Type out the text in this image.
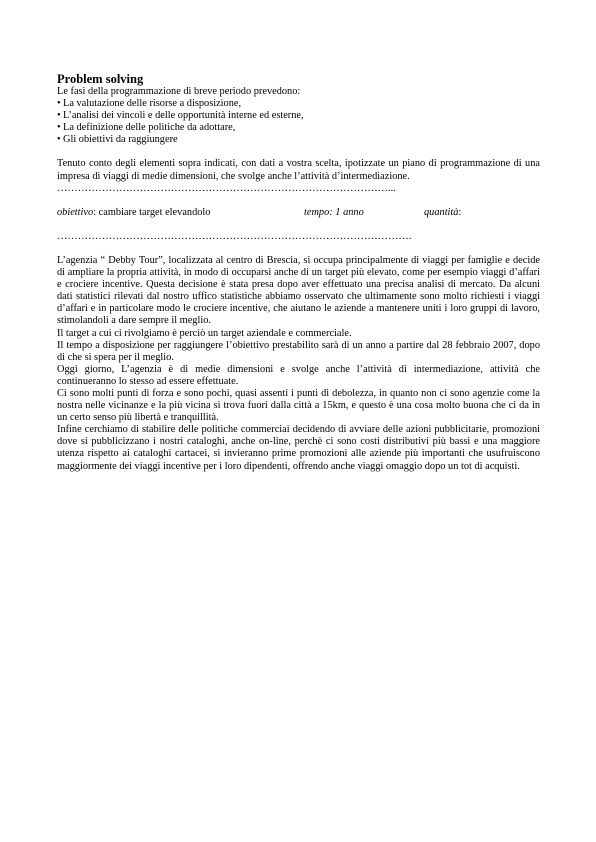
Problem solving

Le fasi della programmazione di breve periodo prevedono:

• La valutazione delle risorse a disposizione,
• L’analisi dei vincoli e delle opportunità interne ed esterne,
• La definizione delle politiche da adottare,
• Gli obiettivi da raggiungere

Tenuto conto degli elementi sopra indicati, con dati a vostra scelta, ipotizzate un piano di programmazione di una impresa di viaggi di medie dimensioni, che svolge anche l’attività d’intermediazione.

……………………………………………………………………………………...
obiettivo: cambiare target elevandolo	tempo: 1 anno	quantità:
………………………………………………………………………………………….

L’agenzia “ Debby Tour”, localizzata al centro di Brescia, si occupa principalmente di viaggi per famiglie e decide di ampliare la propria attività, in modo di occuparsi anche di un target più elevato, come per esempio viaggi d’affari e crociere incentive. Questa decisione è stata presa dopo aver effettuato una precisa analisi di mercato. Da alcuni dati statistici rilevati dal nostro uffico statistiche abbiamo osservato che ultimamente sono molto richiesti i viaggi d’affari e in particolare modo le crociere incentive, che aiutano le aziende a mantenere uniti i loro gruppi di lavoro, stimolandoli a dare sempre il meglio.

Il target a cui ci rivolgiamo è perciò un target aziendale e commerciale.

Il tempo a disposizione per raggiungere l’obiettivo prestabilito sarà di un anno a partire dal 28 febbraio 2007, dopo di che si spera per il meglio.

Oggi giorno, L’agenzia è di medie dimensioni e svolge anche l’attività di intermediazione, attività che continueranno lo stesso ad essere effettuate.

Ci sono molti punti di forza e sono pochi, quasi assenti i punti di debolezza, in quanto non ci sono agenzie come la nostra nelle vicinanze e la più vicina si trova fuori dalla città a 15km, e questo è una cosa molto buona che ci da in un certo senso più libertà e tranquillità.

Infine cerchiamo di stabilire delle politiche commerciai decidendo di avviare delle azioni pubblicitarie, promozioni dove si pubblicizzano i nostri cataloghi, anche on-line, perchè ci sono costi distributivi più bassi e una maggiore utenza rispetto ai cataloghi cartacei, si invieranno prime promozioni alle aziende più importanti che usufruiscono maggiormente dei viaggi incentive per i loro dipendenti, offrendo anche viaggi omaggio dopo un tot di acquisti.
